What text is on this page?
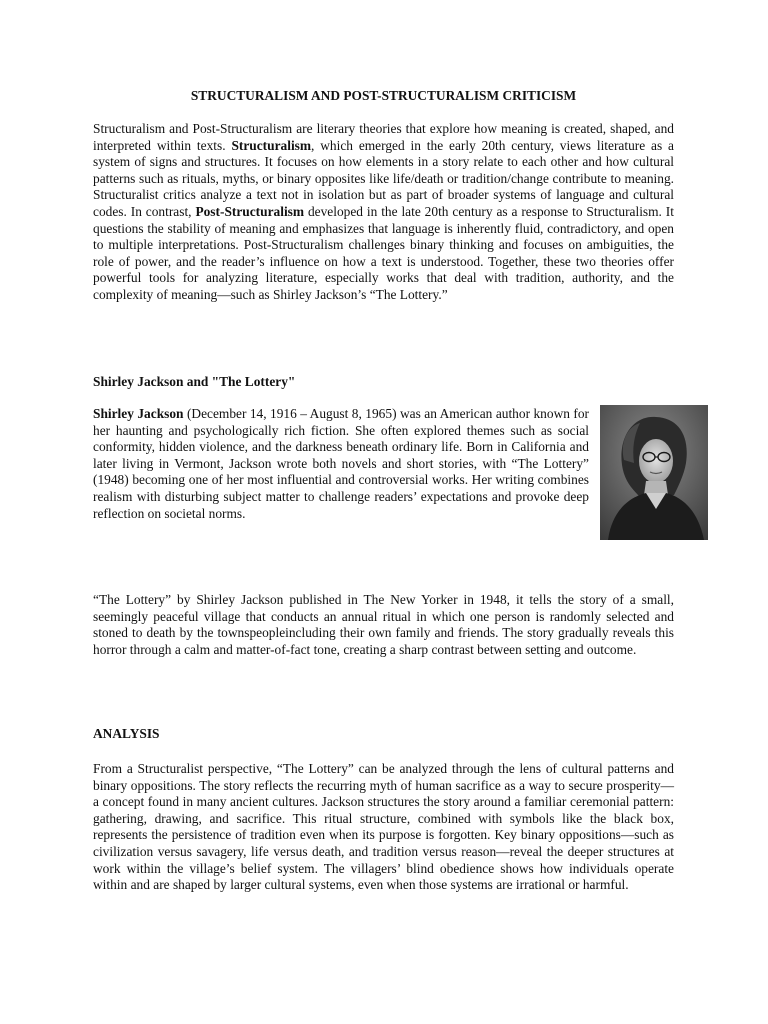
STRUCTURALISM AND POST-STRUCTURALISM CRITICISM

Structuralism and Post-Structuralism are literary theories that explore how meaning is created, shaped, and interpreted within texts. Structuralism, which emerged in the early 20th century, views literature as a system of signs and structures. It focuses on how elements in a story relate to each other and how cultural patterns such as rituals, myths, or binary opposites like life/death or tradition/change contribute to meaning. Structuralist critics analyze a text not in isolation but as part of broader systems of language and cultural codes. In contrast, Post-Structuralism developed in the late 20th century as a response to Structuralism. It questions the stability of meaning and emphasizes that language is inherently fluid, contradictory, and open to multiple interpretations. Post-Structuralism challenges binary thinking and focuses on ambiguities, the role of power, and the reader’s influence on how a text is understood. Together, these two theories offer powerful tools for analyzing literature, especially works that deal with tradition, authority, and the complexity of meaning—such as Shirley Jackson’s “The Lottery.”

Shirley Jackson and "The Lottery"

Shirley Jackson (December 14, 1916 – August 8, 1965) was an American author known for her haunting and psychologically rich fiction. She often explored themes such as social conformity, hidden violence, and the darkness beneath ordinary life. Born in California and later living in Vermont, Jackson wrote both novels and short stories, with “The Lottery” (1948) becoming one of her most influential and controversial works. Her writing combines realism with disturbing subject matter to challenge readers’ expectations and provoke deep reflection on societal norms.

“The Lottery” by Shirley Jackson published in The New Yorker in 1948, it tells the story of a small, seemingly peaceful village that conducts an annual ritual in which one person is randomly selected and stoned to death by the townspeopleincluding their own family and friends. The story gradually reveals this horror through a calm and matter-of-fact tone, creating a sharp contrast between setting and outcome.

ANALYSIS

From a Structuralist perspective, “The Lottery” can be analyzed through the lens of cultural patterns and binary oppositions. The story reflects the recurring myth of human sacrifice as a way to secure prosperity—a concept found in many ancient cultures. Jackson structures the story around a familiar ceremonial pattern: gathering, drawing, and sacrifice. This ritual structure, combined with symbols like the black box, represents the persistence of tradition even when its purpose is forgotten. Key binary oppositions—such as civilization versus savagery, life versus death, and tradition versus reason—reveal the deeper structures at work within the village’s belief system. The villagers’ blind obedience shows how individuals operate within and are shaped by larger cultural systems, even when those systems are irrational or harmful.
